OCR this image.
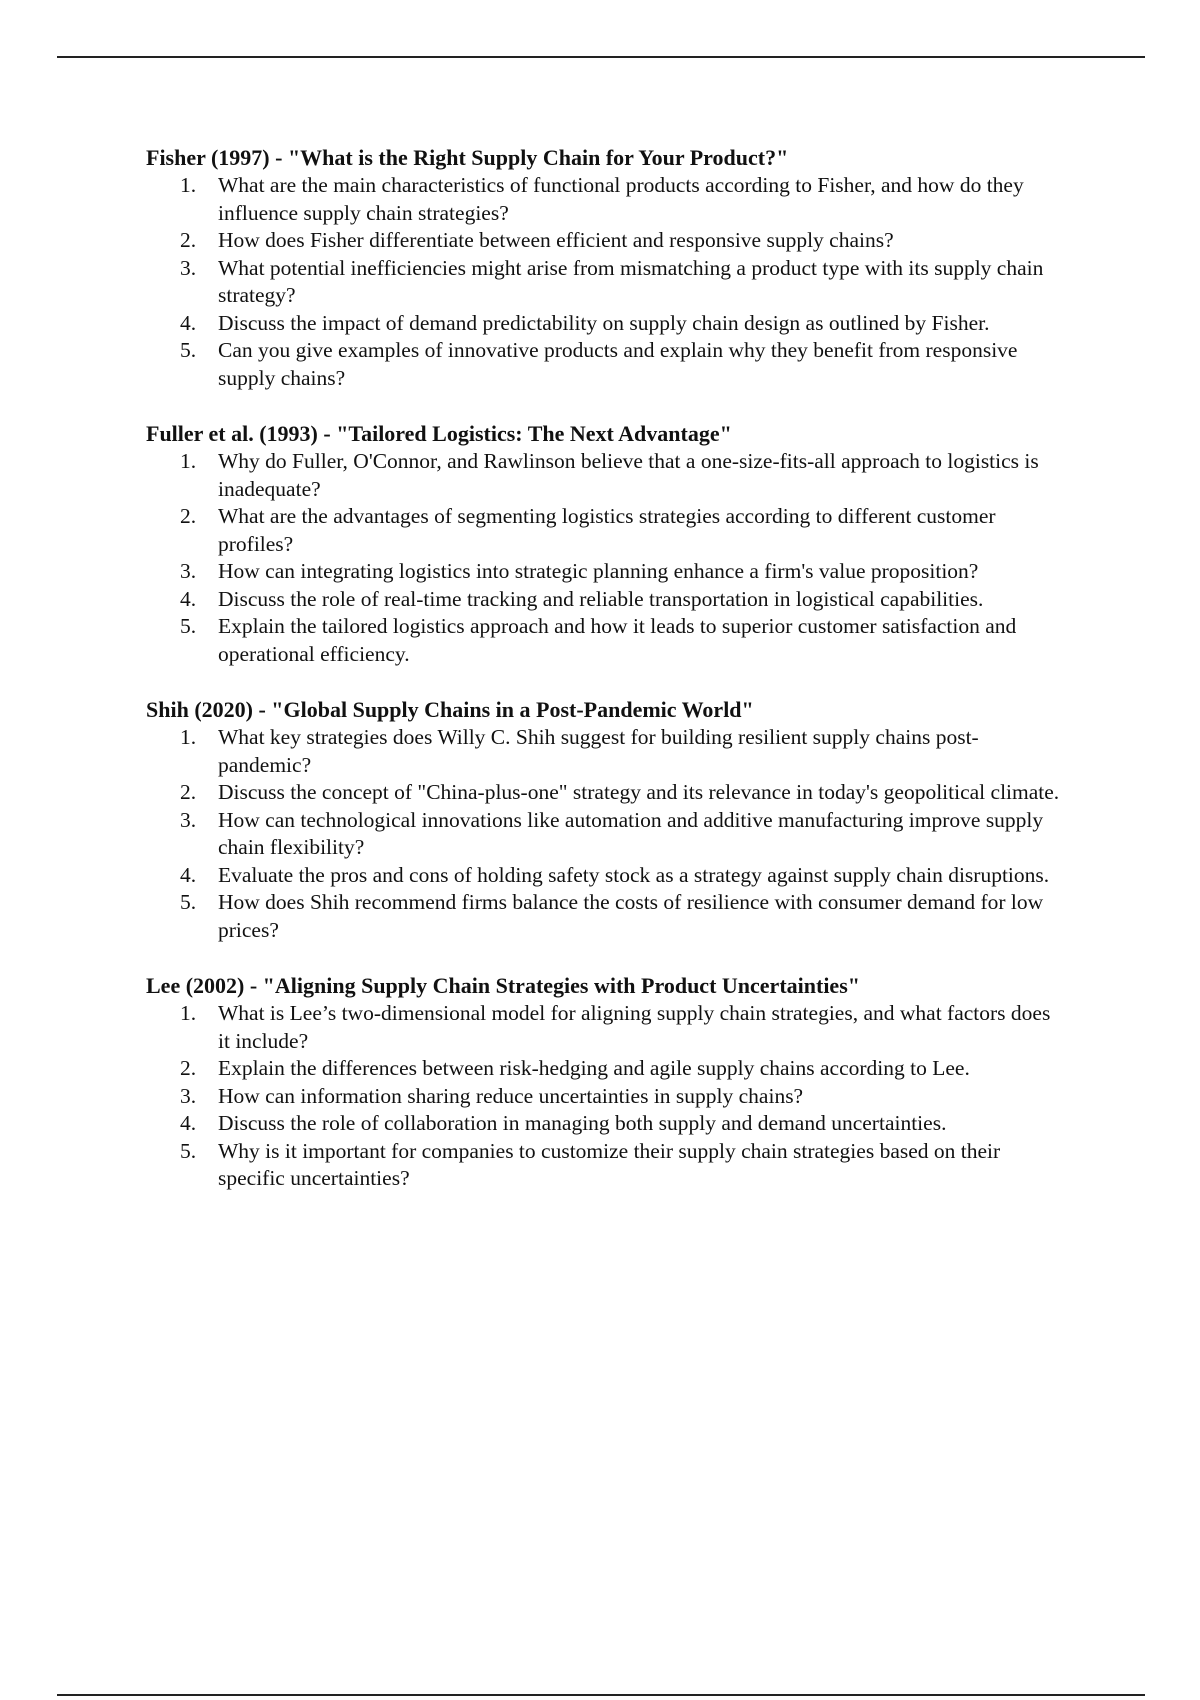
Fisher (1997) - "What is the Right Supply Chain for Your Product?"

1.	What are the main characteristics of functional products according to Fisher, and how do they influence supply chain strategies?
2.	How does Fisher differentiate between efficient and responsive supply chains?
3.	What potential inefficiencies might arise from mismatching a product type with its supply chain strategy?
4.	Discuss the impact of demand predictability on supply chain design as outlined by Fisher.
5.	Can you give examples of innovative products and explain why they benefit from responsive supply chains?

Fuller et al. (1993) - "Tailored Logistics: The Next Advantage"

1.	Why do Fuller, O'Connor, and Rawlinson believe that a one-size-fits-all approach to logistics is inadequate?
2.	What are the advantages of segmenting logistics strategies according to different customer profiles?
3.	How can integrating logistics into strategic planning enhance a firm's value proposition?
4.	Discuss the role of real-time tracking and reliable transportation in logistical capabilities.
5.	Explain the tailored logistics approach and how it leads to superior customer satisfaction and operational efficiency.

Shih (2020) - "Global Supply Chains in a Post-Pandemic World"

1.	What key strategies does Willy C. Shih suggest for building resilient supply chains post-pandemic?
2.	Discuss the concept of "China-plus-one" strategy and its relevance in today's geopolitical climate.
3.	How can technological innovations like automation and additive manufacturing improve supply chain flexibility?
4.	Evaluate the pros and cons of holding safety stock as a strategy against supply chain disruptions.
5.	How does Shih recommend firms balance the costs of resilience with consumer demand for low prices?

Lee (2002) - "Aligning Supply Chain Strategies with Product Uncertainties"

1.	What is Lee’s two-dimensional model for aligning supply chain strategies, and what factors does it include?
2.	Explain the differences between risk-hedging and agile supply chains according to Lee.
3.	How can information sharing reduce uncertainties in supply chains?
4.	Discuss the role of collaboration in managing both supply and demand uncertainties.
5.	Why is it important for companies to customize their supply chain strategies based on their specific uncertainties?
